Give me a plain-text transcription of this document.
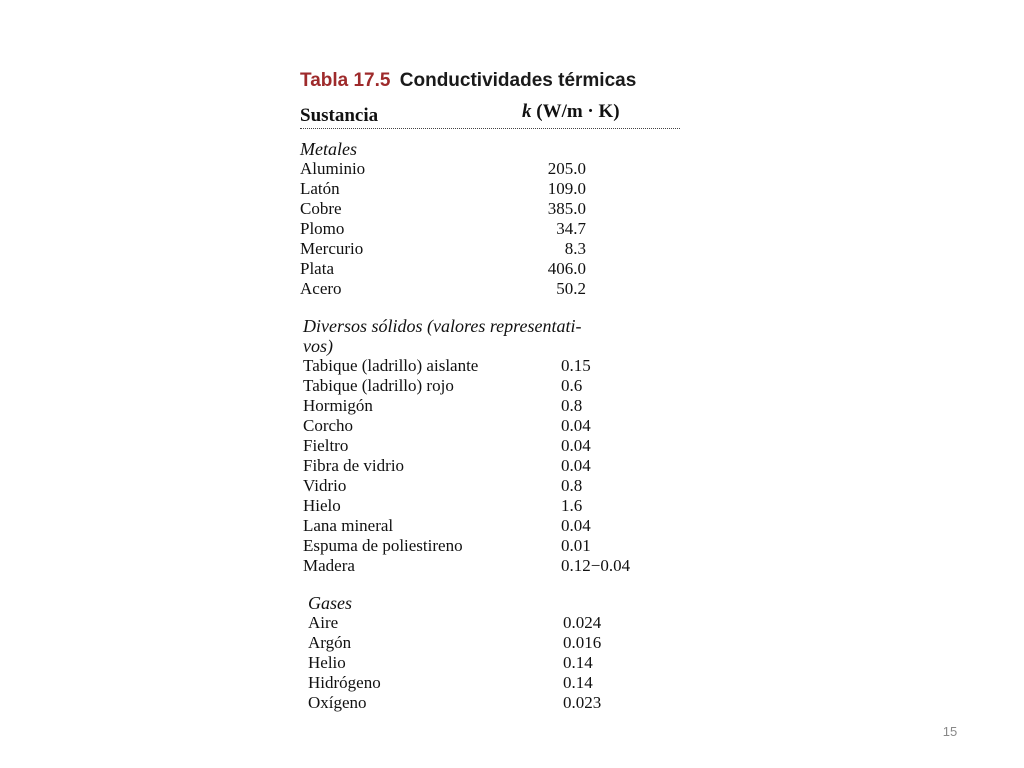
Tabla 17.5 Conductividades térmicas
Sustancia	k (W/m · K)
Metales
Aluminio	205.0
Latón	109.0
Cobre	385.0
Plomo	34.7
Mercurio	8.3
Plata	406.0
Acero	50.2
Diversos sólidos (valores representati-
vos)
Tabique (ladrillo) aislante	0.15
Tabique (ladrillo) rojo	0.6
Hormigón	0.8
Corcho	0.04
Fieltro	0.04
Fibra de vidrio	0.04
Vidrio	0.8
Hielo	1.6
Lana mineral	0.04
Espuma de poliestireno	0.01
Madera	0.12−0.04
Gases
Aire	0.024
Argón	0.016
Helio	0.14
Hidrógeno	0.14
Oxígeno	0.023
15
